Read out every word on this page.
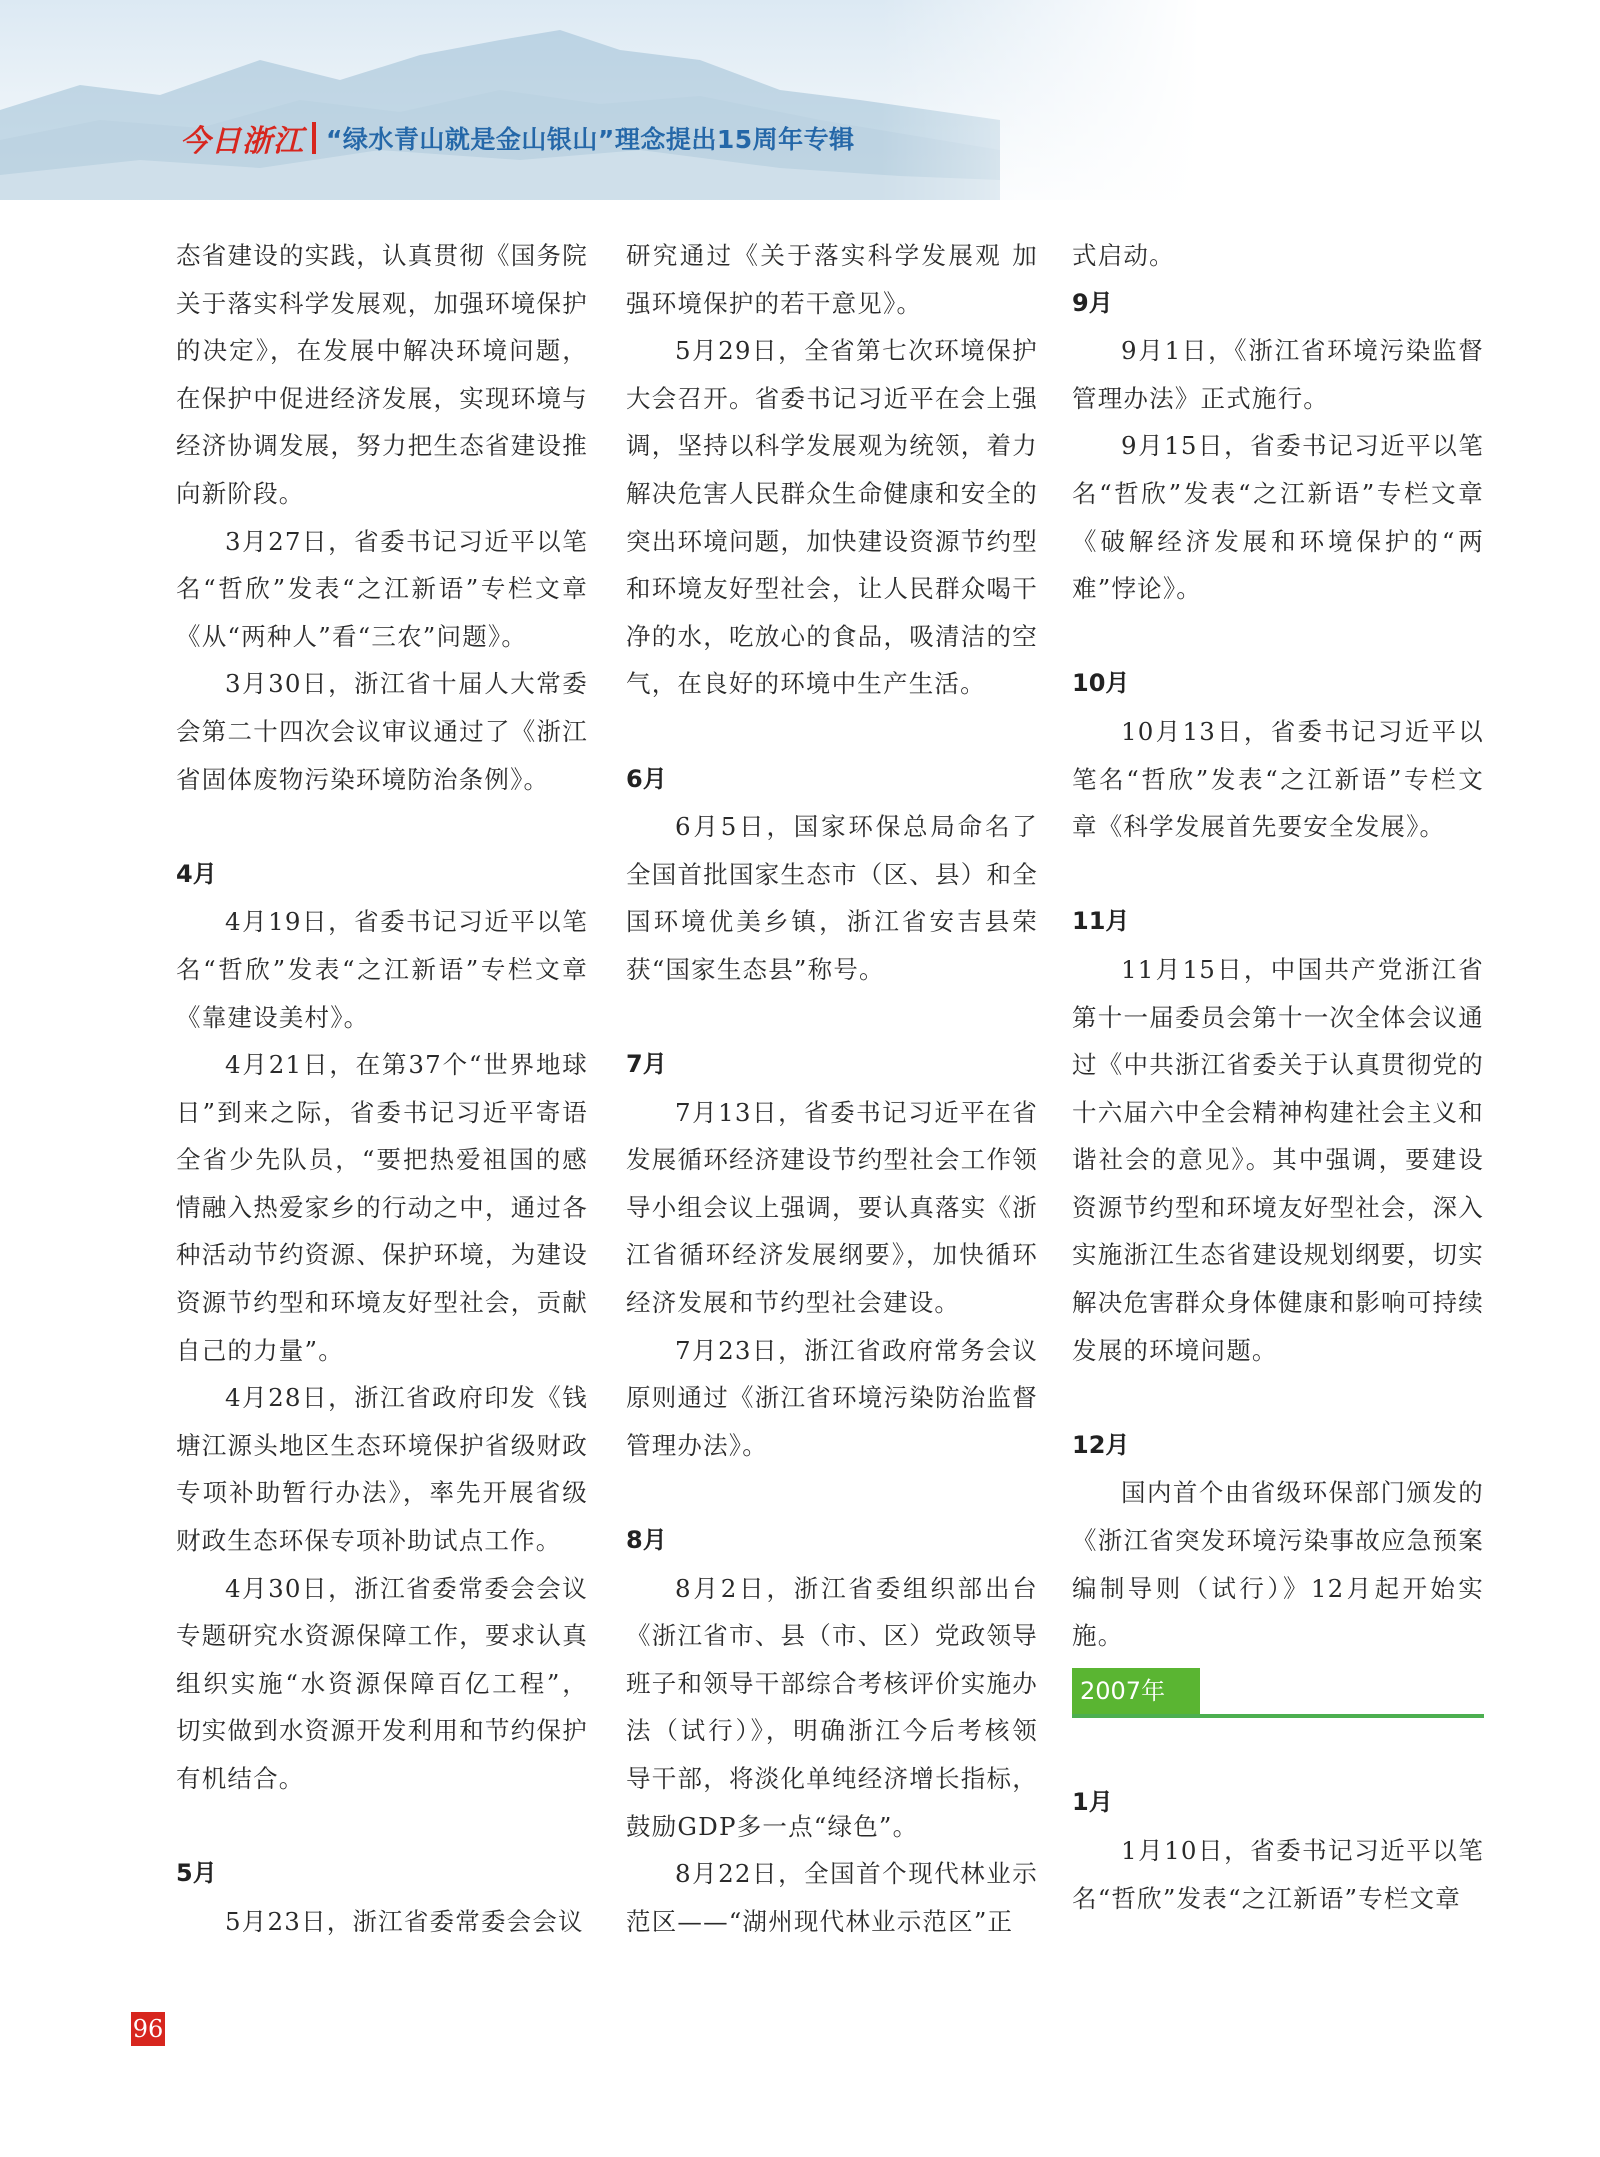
今日浙江 “绿水青山就是金山银山”理念提出15周年专辑

态省建设的实践，认真贯彻《国务院关于落实科学发展观，加强环境保护的决定》，在发展中解决环境问题，在保护中促进经济发展，实现环境与经济协调发展，努力把生态省建设推向新阶段。

3月27日，省委书记习近平以笔名“哲欣”发表“之江新语”专栏文章《从“两种人”看“三农”问题》。

3月30日，浙江省十届人大常委会第二十四次会议审议通过了《浙江省固体废物污染环境防治条例》。

4月

4月19日，省委书记习近平以笔名“哲欣”发表“之江新语”专栏文章《靠建设美村》。

4月21日，在第37个“世界地球日”到来之际，省委书记习近平寄语全省少先队员，“要把热爱祖国的感情融入热爱家乡的行动之中，通过各种活动节约资源、保护环境，为建设资源节约型和环境友好型社会，贡献自己的力量”。

4月28日，浙江省政府印发《钱塘江源头地区生态环境保护省级财政专项补助暂行办法》，率先开展省级财政生态环保专项补助试点工作。

4月30日，浙江省委常委会会议专题研究水资源保障工作，要求认真组织实施“水资源保障百亿工程”，切实做到水资源开发利用和节约保护有机结合。

5月

5月23日，浙江省委常委会会议

研究通过《关于落实科学发展观 加强环境保护的若干意见》。

5月29日，全省第七次环境保护大会召开。省委书记习近平在会上强调，坚持以科学发展观为统领，着力解决危害人民群众生命健康和安全的突出环境问题，加快建设资源节约型和环境友好型社会，让人民群众喝干净的水，吃放心的食品，吸清洁的空气，在良好的环境中生产生活。

6月

6月5日，国家环保总局命名了全国首批国家生态市（区、县）和全国环境优美乡镇，浙江省安吉县荣获“国家生态县”称号。

7月

7月13日，省委书记习近平在省发展循环经济建设节约型社会工作领导小组会议上强调，要认真落实《浙江省循环经济发展纲要》，加快循环经济发展和节约型社会建设。

7月23日，浙江省政府常务会议原则通过《浙江省环境污染防治监督管理办法》。

8月

8月2日，浙江省委组织部出台《浙江省市、县（市、区）党政领导班子和领导干部综合考核评价实施办法（试行）》，明确浙江今后考核领导干部，将淡化单纯经济增长指标，鼓励GDP多一点“绿色”。

8月22日，全国首个现代林业示范区——“湖州现代林业示范区”正

式启动。

9月

9月1日，《浙江省环境污染监督管理办法》正式施行。

9月15日，省委书记习近平以笔名“哲欣”发表“之江新语”专栏文章《破解经济发展和环境保护的“两难”悖论》。

10月

10月13日，省委书记习近平以笔名“哲欣”发表“之江新语”专栏文章《科学发展首先要安全发展》。

11月

11月15日，中国共产党浙江省第十一届委员会第十一次全体会议通过《中共浙江省委关于认真贯彻党的十六届六中全会精神构建社会主义和谐社会的意见》。其中强调，要建设资源节约型和环境友好型社会，深入实施浙江生态省建设规划纲要，切实解决危害群众身体健康和影响可持续发展的环境问题。

12月

国内首个由省级环保部门颁发的《浙江省突发环境污染事故应急预案编制导则（试行）》12月起开始实施。

2007年

1月

1月10日，省委书记习近平以笔名“哲欣”发表“之江新语”专栏文章

96
